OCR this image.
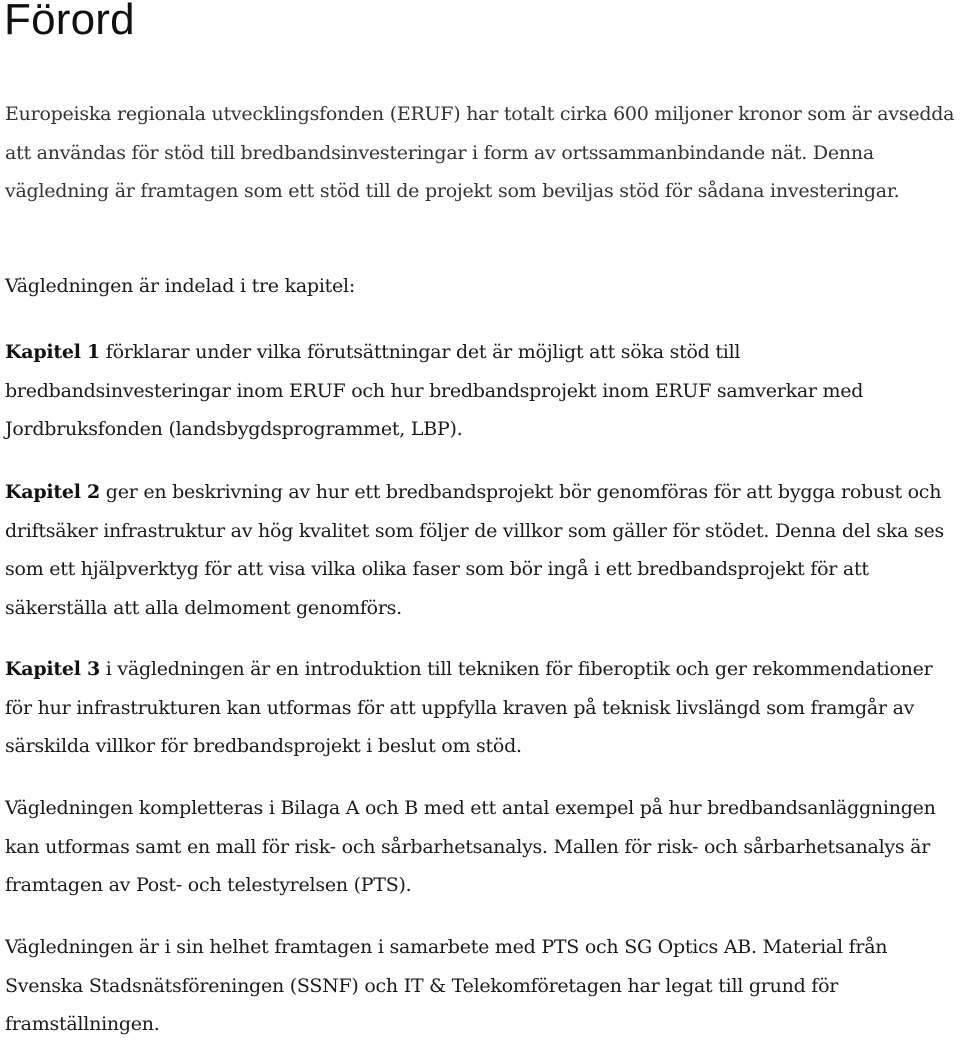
Förord

Europeiska regionala utvecklingsfonden (ERUF) har totalt cirka 600 miljoner kronor som är avsedda att användas för stöd till bredbandsinvesteringar i form av ortssammanbindande nät. Denna vägledning är framtagen som ett stöd till de projekt som beviljas stöd för sådana investeringar.

Vägledningen är indelad i tre kapitel:

Kapitel 1 förklarar under vilka förutsättningar det är möjligt att söka stöd till bredbandsinvesteringar inom ERUF och hur bredbandsprojekt inom ERUF samverkar med Jordbruksfonden (landsbygdsprogrammet, LBP).

Kapitel 2 ger en beskrivning av hur ett bredbandsprojekt bör genomföras för att bygga robust och driftsäker infrastruktur av hög kvalitet som följer de villkor som gäller för stödet. Denna del ska ses som ett hjälpverktyg för att visa vilka olika faser som bör ingå i ett bredbandsprojekt för att säkerställa att alla delmoment genomförs.

Kapitel 3 i vägledningen är en introduktion till tekniken för fiberoptik och ger rekommendationer för hur infrastrukturen kan utformas för att uppfylla kraven på teknisk livslängd som framgår av särskilda villkor för bredbandsprojekt i beslut om stöd.

Vägledningen kompletteras i Bilaga A och B med ett antal exempel på hur bredbandsanläggningen kan utformas samt en mall för risk- och sårbarhetsanalys. Mallen för risk- och sårbarhetsanalys är framtagen av Post- och telestyrelsen (PTS).

Vägledningen är i sin helhet framtagen i samarbete med PTS och SG Optics AB. Material från Svenska Stadsnätsföreningen (SSNF) och IT & Telekomföretagen har legat till grund för framställningen.
